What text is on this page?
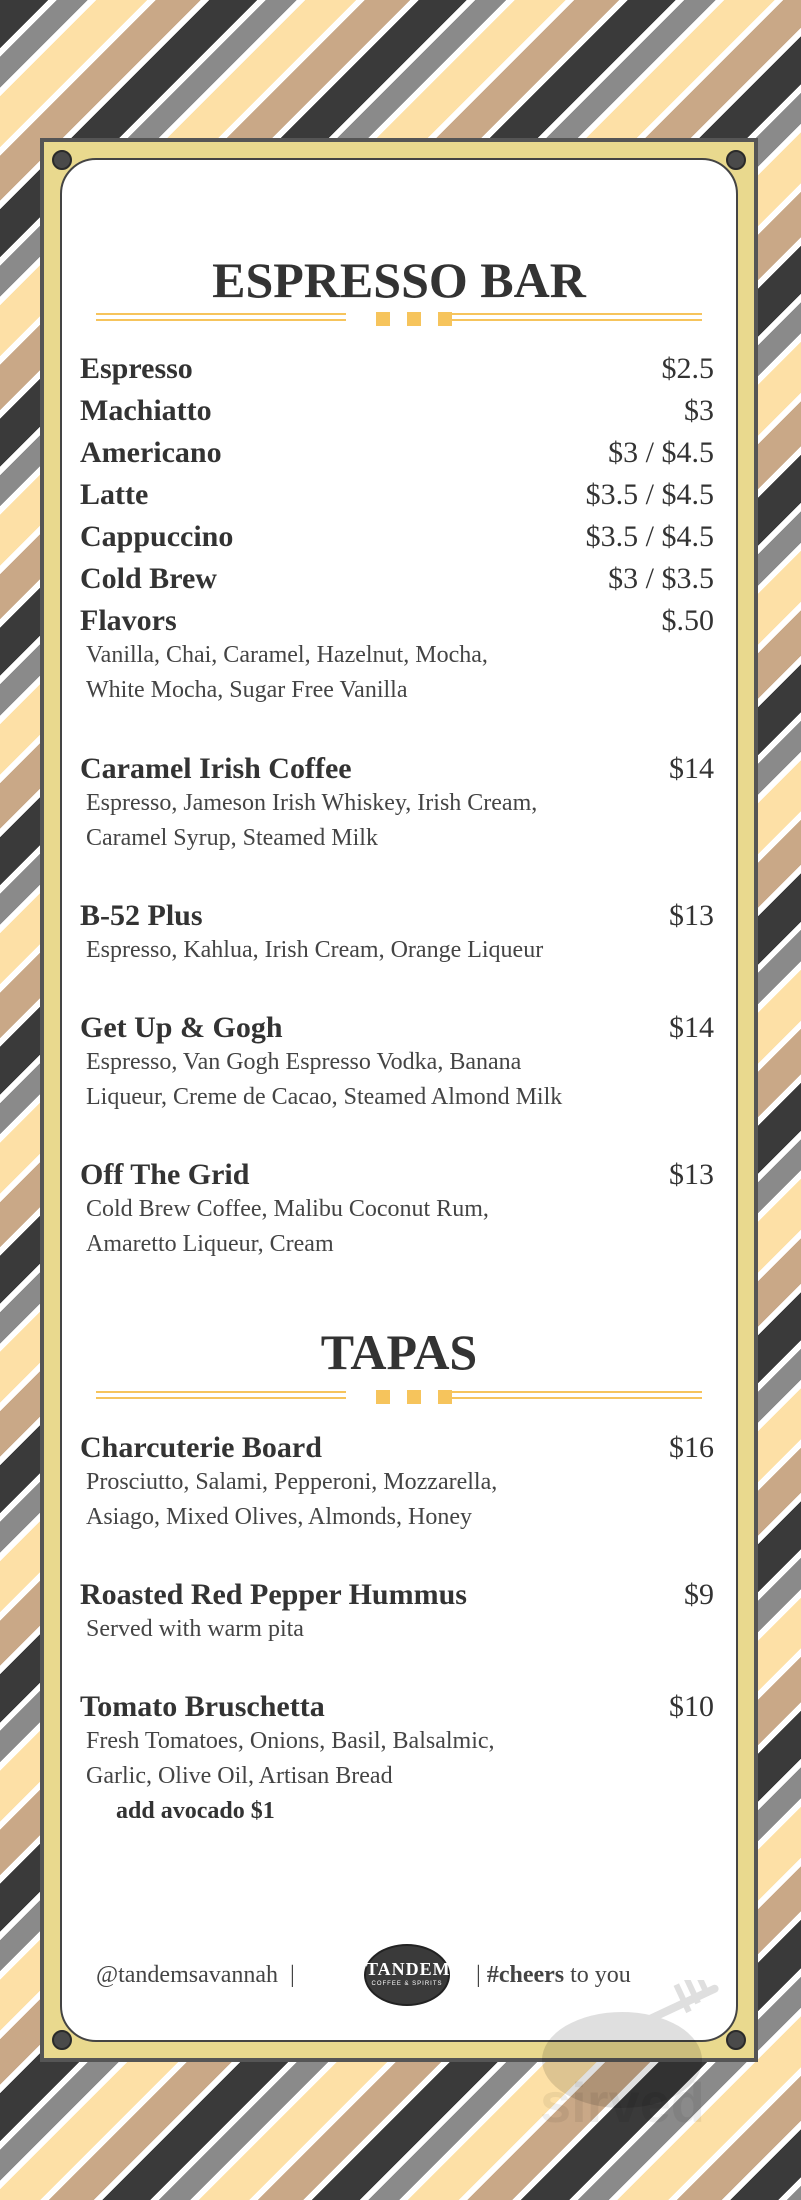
ESPRESSO BAR
Espresso	$2.5
Machiatto	$3
Americano	$3 / $4.5
Latte	$3.5 / $4.5
Cappuccino	$3.5 / $4.5
Cold Brew	$3 / $3.5
Flavors	$.50
Vanilla, Chai, Caramel, Hazelnut, Mocha,
White Mocha, Sugar Free Vanilla
Caramel Irish Coffee	$14
Espresso, Jameson Irish Whiskey, Irish Cream,
Caramel Syrup, Steamed Milk
B-52 Plus	$13
Espresso, Kahlua, Irish Cream, Orange Liqueur
Get Up & Gogh	$14
Espresso, Van Gogh Espresso Vodka, Banana
Liqueur, Creme de Cacao, Steamed Almond Milk
Off The Grid	$13
Cold Brew Coffee, Malibu Coconut Rum,
Amaretto Liqueur, Cream
TAPAS
Charcuterie Board	$16
Prosciutto, Salami, Pepperoni, Mozzarella,
Asiago, Mixed Olives, Almonds, Honey
Roasted Red Pepper Hummus	$9
Served with warm pita
Tomato Bruschetta	$10
Fresh Tomatoes, Onions, Basil, Balsalmic,
Garlic, Olive Oil, Artisan Bread
add avocado $1
@tandemsavannah |	TANDEM
COFFEE & SPIRITS | #cheers to you
sirved
